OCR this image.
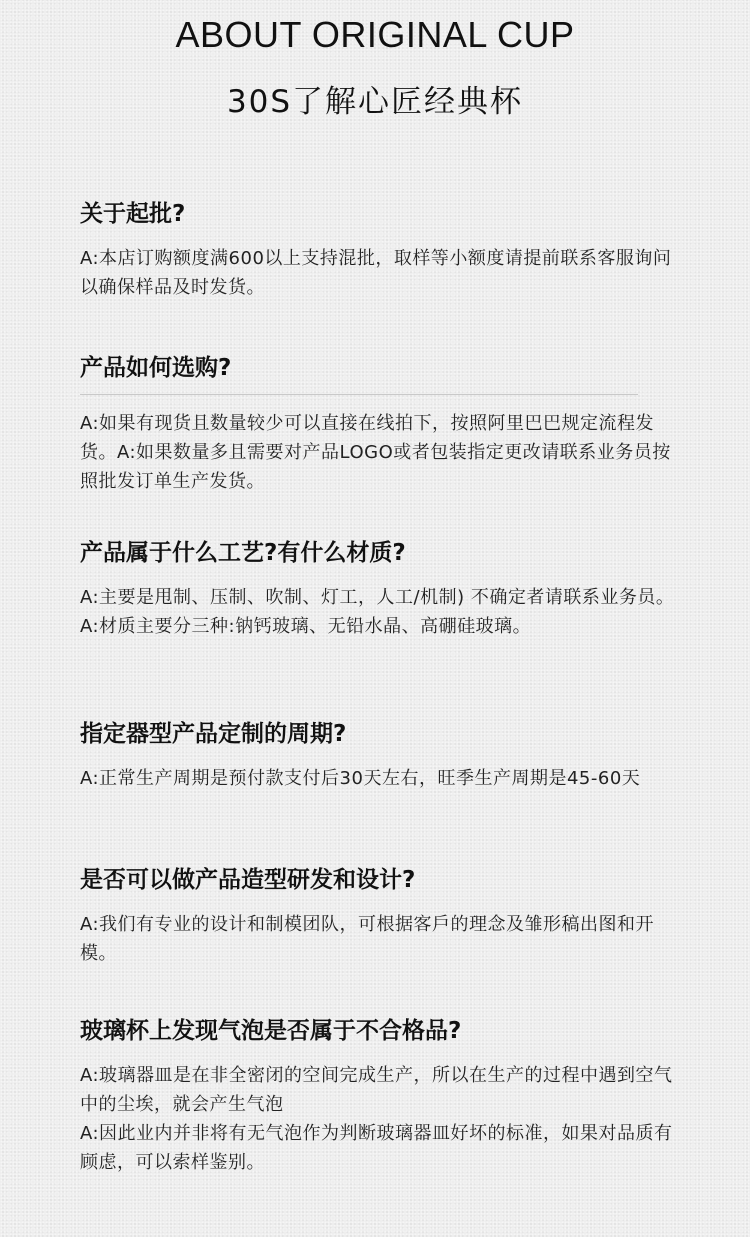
ABOUT ORIGINAL CUP
30S了解心匠经典杯
关于起批?

A:本店订购额度满600以上支持混批，取样等小额度请提前联系客服询问以确保样品及时发货。

产品如何选购?

A:如果有现货且数量较少可以直接在线拍下，按照阿里巴巴规定流程发货。A:如果数量多且需要对产品LOGO或者包装指定更改请联系业务员按照批发订单生产发货。

产品属于什么工艺?有什么材质?

A:主要是甩制、压制、吹制、灯工，人工/机制) 不确定者请联系业务员。A:材质主要分三种:钠钙玻璃、无铅水晶、高硼硅玻璃。

指定器型产品定制的周期?

A:正常生产周期是预付款支付后30天左右，旺季生产周期是45-60天

是否可以做产品造型研发和设计?

A:我们有专业的设计和制模团队，可根据客戶的理念及雏形稿出图和开模。

玻璃杯上发现气泡是否属于不合格品?

A:玻璃器皿是在非全密闭的空间完成生产，所以在生产的过程中遇到空气中的尘埃，就会产生气泡

A:因此业内并非将有无气泡作为判断玻璃器皿好坏的标准，如果对品质有顾虑，可以索样鉴别。
